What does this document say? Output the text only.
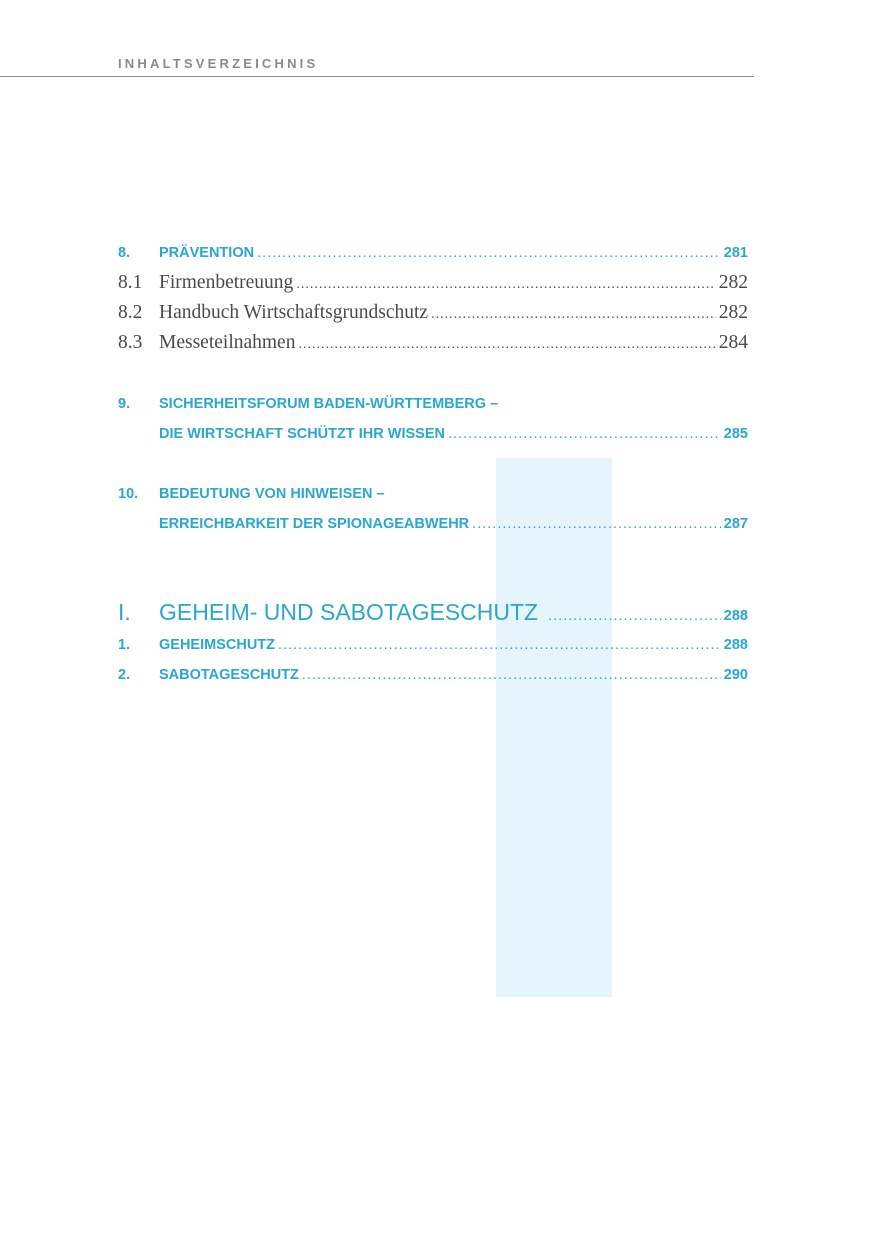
INHALTSVERZEICHNIS
8.	PRÄVENTION .....	281
8.1 Firmenbetreuung .....	282
8.2 Handbuch Wirtschaftsgrundschutz .....	282
8.3 Messeteilnahmen .....	284
9.	SICHERHEITSFORUM BADEN-WÜRTTEMBERG –
DIE WIRTSCHAFT SCHÜTZT IHR WISSEN .....	285
10.	BEDEUTUNG VON HINWEISEN –
ERREICHBARKEIT DER SPIONAGEABWEHR .....	287
I.	GEHEIM- UND SABOTAGESCHUTZ .....	288
1.	GEHEIMSCHUTZ .....	288
2.	SABOTAGESCHUTZ .....	290
